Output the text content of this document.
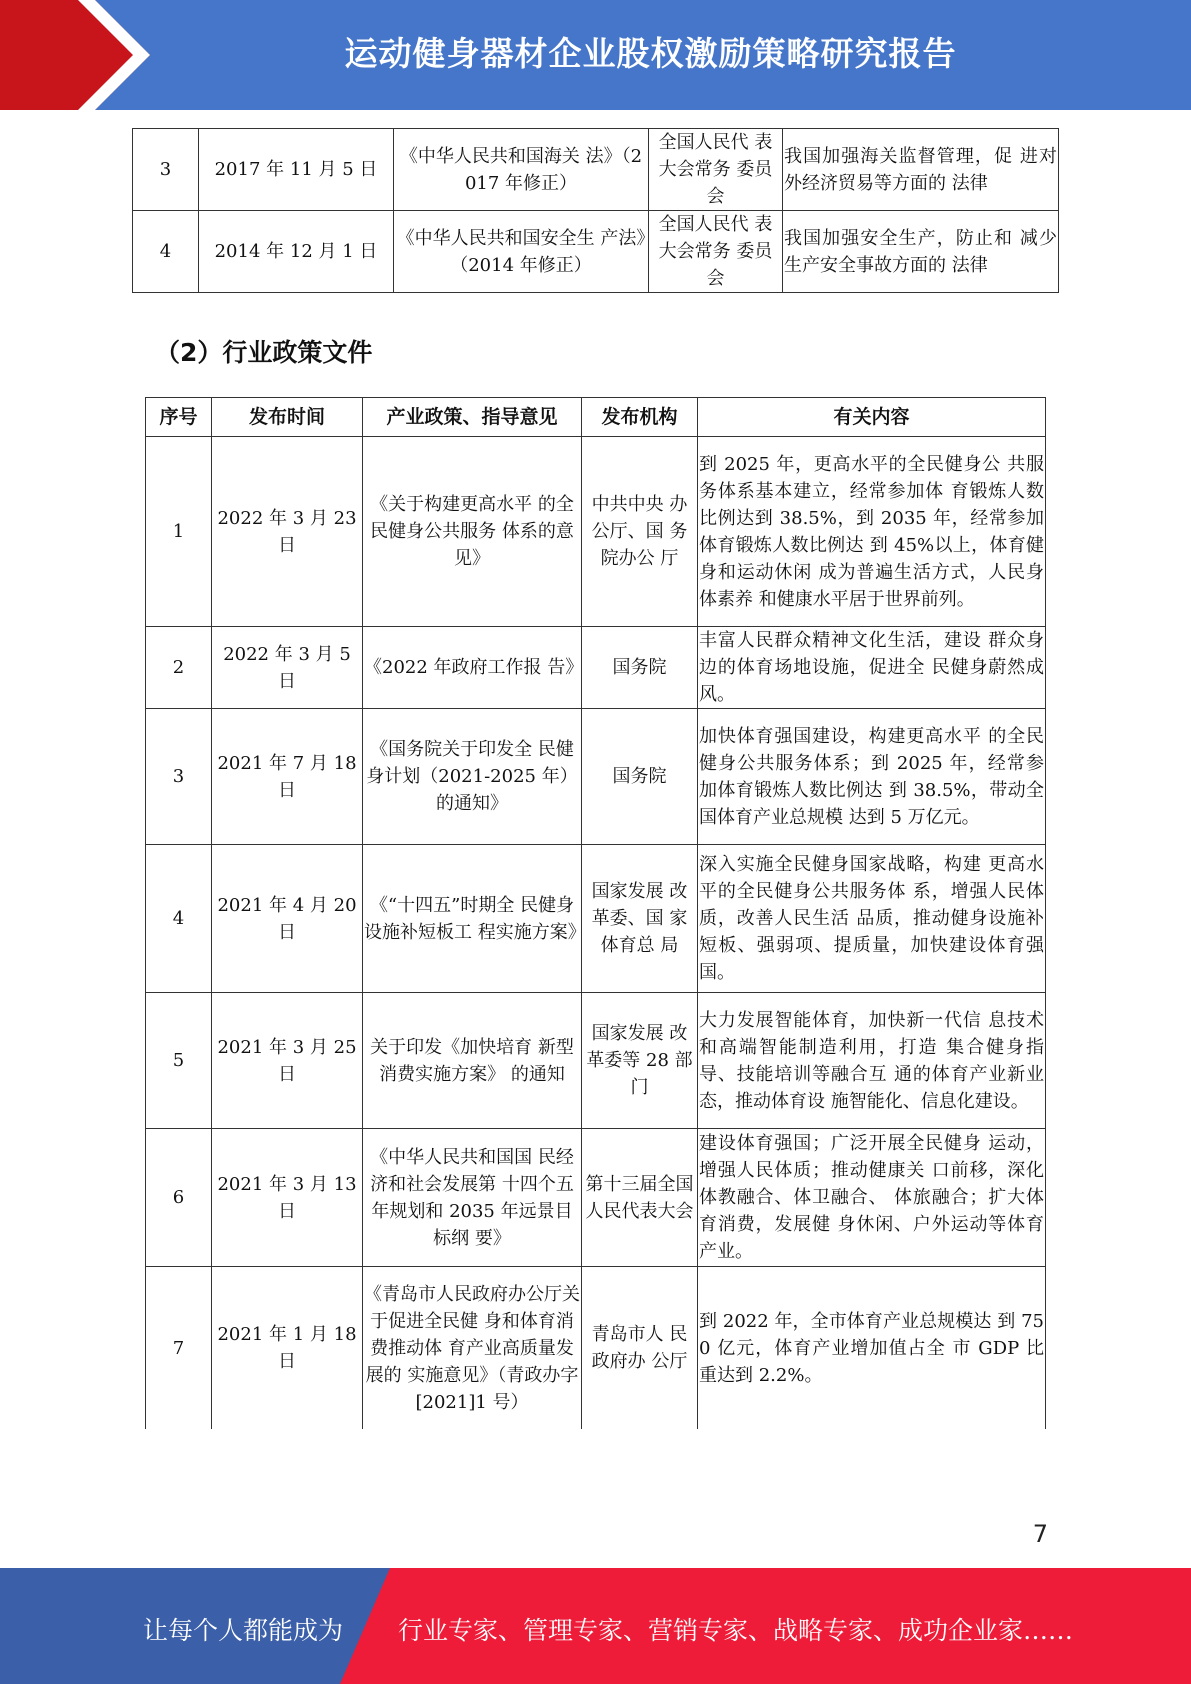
运动健身器材企业股权激励策略研究报告
3	2017 年 11 月 5 日	《中华人民共和国海关 法》（2017 年修正）	全国人民代 表大会常务 委员会	我国加强海关监督管理，促 进对外经济贸易等方面的 法律
4	2014 年 12 月 1 日	《中华人民共和国安全生 产法》（2014 年修正）	全国人民代 表大会常务 委员会	我国加强安全生产，防止和 减少生产安全事故方面的 法律
（2）行业政策文件
序号	发布时间	产业政策、指导意见	发布机构	有关内容
1	2022 年 3 月 23 日	《关于构建更高水平 的全民健身公共服务 体系的意见》	中共中央 办公厅、国 务院办公 厅	到 2025 年，更高水平的全民健身公 共服务体系基本建立，经常参加体 育锻炼人数比例达到 38.5%，到 2035 年，经常参加体育锻炼人数比例达 到 45%以上，体育健身和运动休闲 成为普遍生活方式，人民身体素养 和健康水平居于世界前列。
2	2022 年 3 月 5 日	《2022 年政府工作报 告》	国务院	丰富人民群众精神文化生活，建设 群众身边的体育场地设施，促进全 民健身蔚然成风。
3	2021 年 7 月 18 日	《国务院关于印发全 民健身计划（2021-2025 年）的通知》	国务院	加快体育强国建设，构建更高水平 的全民健身公共服务体系；到 2025 年，经常参加体育锻炼人数比例达 到 38.5%，带动全国体育产业总规模 达到 5 万亿元。
4	2021 年 4 月 20 日	《“十四五”时期全 民健身设施补短板工 程实施方案》	国家发展 改革委、国 家体育总 局	深入实施全民健身国家战略，构建 更高水平的全民健身公共服务体 系，增强人民体质，改善人民生活 品质，推动健身设施补短板、强弱项、提质量，加快建设体育强国。
5	2021 年 3 月 25 日	关于印发《加快培育 新型消费实施方案》 的通知	国家发展 改革委等 28 部门	大力发展智能体育，加快新一代信 息技术和高端智能制造利用，打造 集合健身指导、技能培训等融合互 通的体育产业新业态，推动体育设 施智能化、信息化建设。
6	2021 年 3 月 13 日	《中华人民共和国国 民经济和社会发展第 十四个五年规划和 2035 年远景目标纲 要》	第十三届全国人民代表大会	建设体育强国；广泛开展全民健身 运动，增强人民体质；推动健康关 口前移，深化体教融合、体卫融合、 体旅融合；扩大体育消费，发展健 身休闲、户外运动等体育产业。
7	2021 年 1 月 18 日	《青岛市人民政府办公厅关于促进全民健 身和体育消费推动体 育产业高质量发展的 实施意见》（青政办字[2021]1 号）	青岛市人 民政府办 公厅	到 2022 年，全市体育产业总规模达 到 750 亿元，体育产业增加值占全 市 GDP 比重达到 2.2%。
7
让每个人都能成为 行业专家、管理专家、营销专家、战略专家、成功企业家……
